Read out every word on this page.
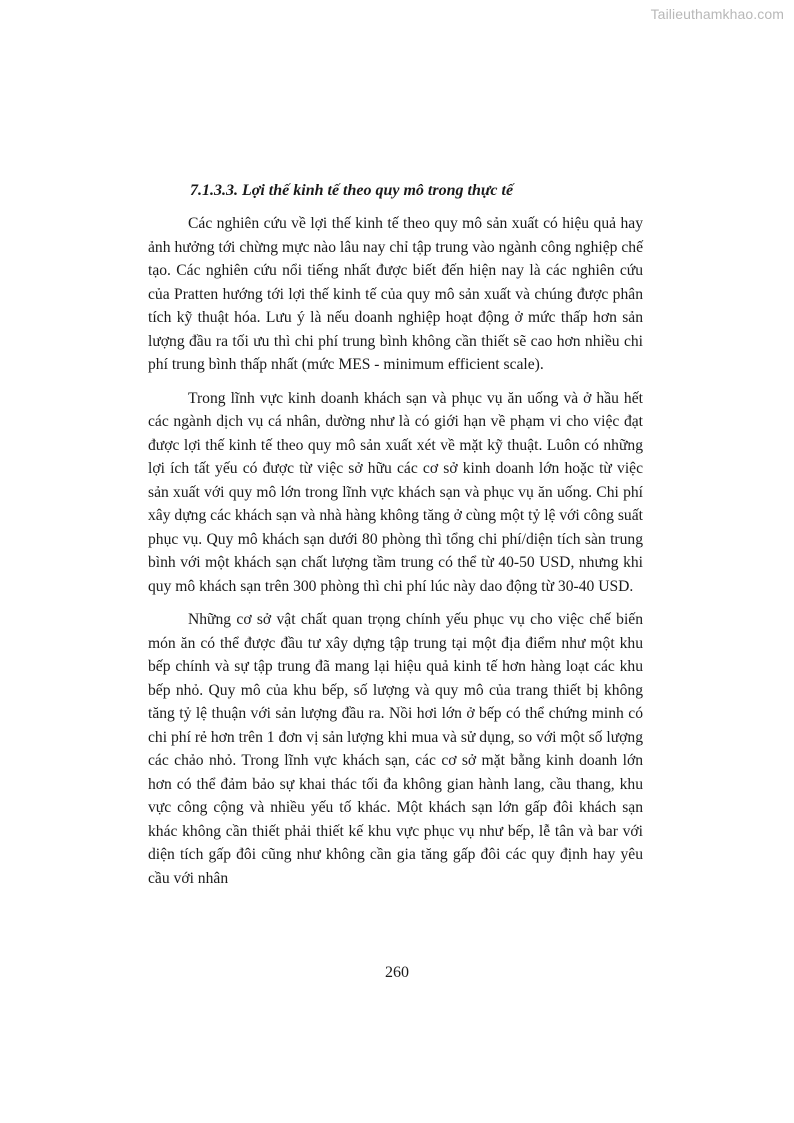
Tailieuthamkhao.com
7.1.3.3. Lợi thế kinh tế theo quy mô trong thực tế

Các nghiên cứu về lợi thế kinh tế theo quy mô sản xuất có hiệu quả hay ảnh hưởng tới chừng mực nào lâu nay chỉ tập trung vào ngành công nghiệp chế tạo. Các nghiên cứu nổi tiếng nhất được biết đến hiện nay là các nghiên cứu của Pratten hướng tới lợi thế kinh tế của quy mô sản xuất và chúng được phân tích kỹ thuật hóa. Lưu ý là nếu doanh nghiệp hoạt động ở mức thấp hơn sản lượng đầu ra tối ưu thì chi phí trung bình không cần thiết sẽ cao hơn nhiều chi phí trung bình thấp nhất (mức MES - minimum efficient scale).

Trong lĩnh vực kinh doanh khách sạn và phục vụ ăn uống và ở hầu hết các ngành dịch vụ cá nhân, dường như là có giới hạn về phạm vi cho việc đạt được lợi thế kinh tế theo quy mô sản xuất xét về mặt kỹ thuật. Luôn có những lợi ích tất yếu có được từ việc sở hữu các cơ sở kinh doanh lớn hoặc từ việc sản xuất với quy mô lớn trong lĩnh vực khách sạn và phục vụ ăn uống. Chi phí xây dựng các khách sạn và nhà hàng không tăng ở cùng một tỷ lệ với công suất phục vụ. Quy mô khách sạn dưới 80 phòng thì tổng chi phí/diện tích sàn trung bình với một khách sạn chất lượng tầm trung có thể từ 40-50 USD, nhưng khi quy mô khách sạn trên 300 phòng thì chi phí lúc này dao động từ 30-40 USD.

Những cơ sở vật chất quan trọng chính yếu phục vụ cho việc chế biến món ăn có thể được đầu tư xây dựng tập trung tại một địa điểm như một khu bếp chính và sự tập trung đã mang lại hiệu quả kinh tế hơn hàng loạt các khu bếp nhỏ. Quy mô của khu bếp, số lượng và quy mô của trang thiết bị không tăng tỷ lệ thuận với sản lượng đầu ra. Nồi hơi lớn ở bếp có thể chứng minh có chi phí rẻ hơn trên 1 đơn vị sản lượng khi mua và sử dụng, so với một số lượng các chảo nhỏ. Trong lĩnh vực khách sạn, các cơ sở mặt bằng kinh doanh lớn hơn có thể đảm bảo sự khai thác tối đa không gian hành lang, cầu thang, khu vực công cộng và nhiều yếu tố khác. Một khách sạn lớn gấp đôi khách sạn khác không cần thiết phải thiết kế khu vực phục vụ như bếp, lễ tân và bar với diện tích gấp đôi cũng như không cần gia tăng gấp đôi các quy định hay yêu cầu với nhân

260
